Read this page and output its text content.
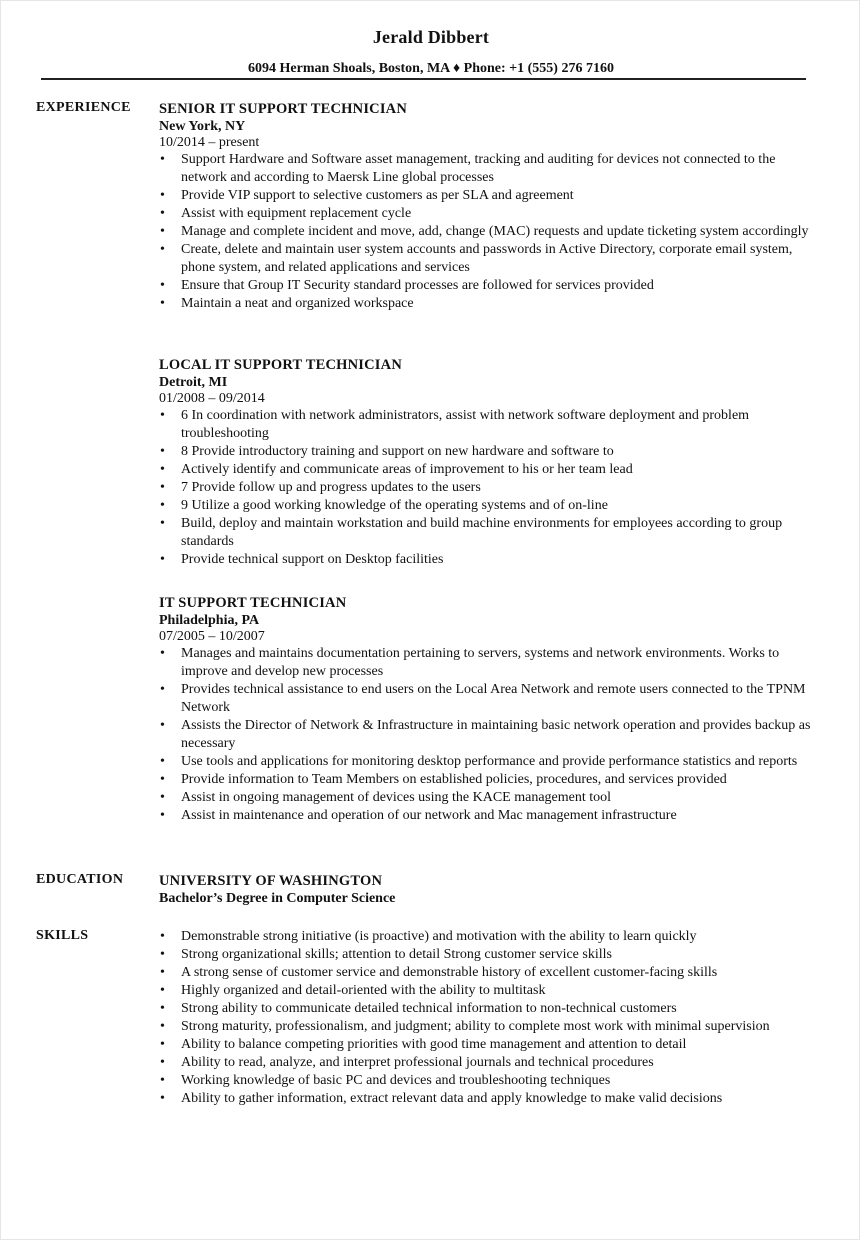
Jerald Dibbert
6094 Herman Shoals, Boston, MA ♦ Phone: +1 (555) 276 7160
EXPERIENCE SENIOR IT SUPPORT TECHNICIAN
New York, NY
10/2014 – present
• Support Hardware and Software asset management, tracking and auditing for devices not connected to the network and according to Maersk Line global processes
• Provide VIP support to selective customers as per SLA and agreement
• Assist with equipment replacement cycle
• Manage and complete incident and move, add, change (MAC) requests and update ticketing system accordingly
• Create, delete and maintain user system accounts and passwords in Active Directory, corporate email system, phone system, and related applications and services
• Ensure that Group IT Security standard processes are followed for services provided
• Maintain a neat and organized workspace
LOCAL IT SUPPORT TECHNICIAN
Detroit, MI
01/2008 – 09/2014
• 6 In coordination with network administrators, assist with network software deployment and problem troubleshooting
• 8 Provide introductory training and support on new hardware and software to
• Actively identify and communicate areas of improvement to his or her team lead
• 7 Provide follow up and progress updates to the users
• 9 Utilize a good working knowledge of the operating systems and of on-line
• Build, deploy and maintain workstation and build machine environments for employees according to group standards
• Provide technical support on Desktop facilities
IT SUPPORT TECHNICIAN
Philadelphia, PA
07/2005 – 10/2007
• Manages and maintains documentation pertaining to servers, systems and network environments. Works to improve and develop new processes
• Provides technical assistance to end users on the Local Area Network and remote users connected to the TPNM Network
• Assists the Director of Network & Infrastructure in maintaining basic network operation and provides backup as necessary
• Use tools and applications for monitoring desktop performance and provide performance statistics and reports
• Provide information to Team Members on established policies, procedures, and services provided
• Assist in ongoing management of devices using the KACE management tool
• Assist in maintenance and operation of our network and Mac management infrastructure
EDUCATION UNIVERSITY OF WASHINGTON
Bachelor’s Degree in Computer Science
SKILLS
•	Demonstrable strong initiative (is proactive) and motivation with the ability to learn quickly
• Strong organizational skills; attention to detail Strong customer service skills
• A strong sense of customer service and demonstrable history of excellent customer-facing skills
• Highly organized and detail-oriented with the ability to multitask
• Strong ability to communicate detailed technical information to non-technical customers
• Strong maturity, professionalism, and judgment; ability to complete most work with minimal supervision
• Ability to balance competing priorities with good time management and attention to detail
• Ability to read, analyze, and interpret professional journals and technical procedures
• Working knowledge of basic PC and devices and troubleshooting techniques
• Ability to gather information, extract relevant data and apply knowledge to make valid decisions
